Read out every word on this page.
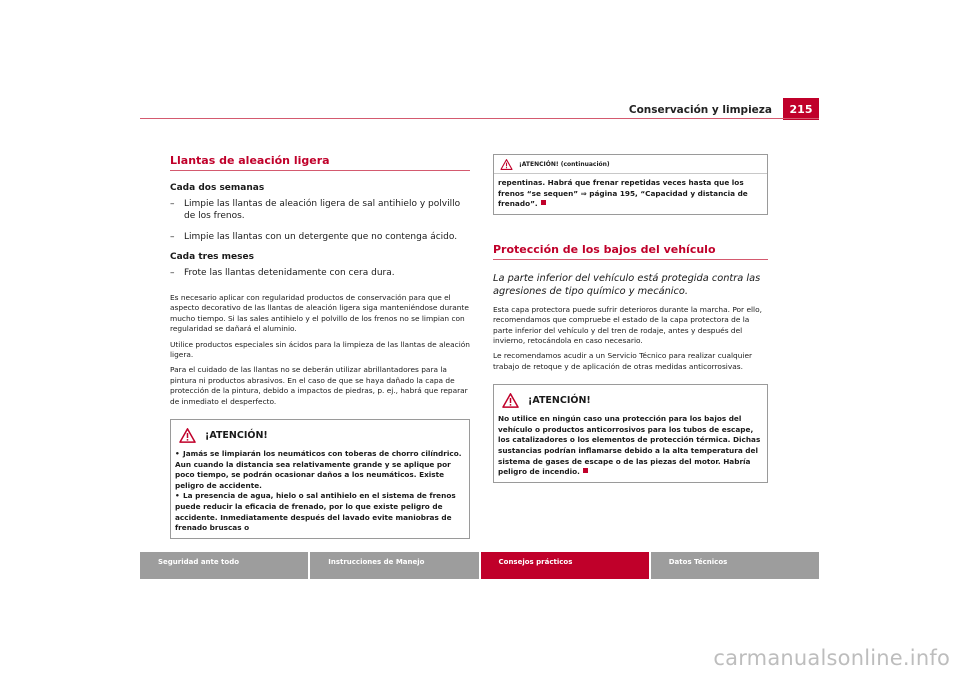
Conservación y limpieza	215
Llantas de aleación ligera
Cada dos semanas
– Limpie las llantas de aleación ligera de sal antihielo y polvillo de los frenos.
– Limpie las llantas con un detergente que no contenga ácido.
Cada tres meses
– Frote las llantas detenidamente con cera dura.

Es necesario aplicar con regularidad productos de conservación para que el aspecto decorativo de las llantas de aleación ligera siga manteniéndose durante mucho tiempo. Si las sales antihielo y el polvillo de los frenos no se limpian con regularidad se dañará el aluminio.

Utilice productos especiales sin ácidos para la limpieza de las llantas de aleación ligera.

Para el cuidado de las llantas no se deberán utilizar abrillantadores para la pintura ni productos abrasivos. En el caso de que se haya dañado la capa de protección de la pintura, debido a impactos de piedras, p. ej., habrá que reparar de inmediato el desperfecto.

¡ATENCIÓN!
• Jamás se limpiarán los neumáticos con toberas de chorro cilíndrico. Aun cuando la distancia sea relativamente grande y se aplique por poco tiempo, se podrán ocasionar daños a los neumáticos. Existe peligro de accidente.
• La presencia de agua, hielo o sal antihielo en el sistema de frenos puede reducir la eficacia de frenado, por lo que existe peligro de accidente. Inmediatamente después del lavado evite maniobras de frenado bruscas o
¡ATENCIÓN! (continuación)
repentinas. Habrá que frenar repetidas veces hasta que los frenos “se sequen” ⇒ página 195, “Capacidad y distancia de frenado”.
Protección de los bajos del vehículo

La parte inferior del vehículo está protegida contra las agresiones de tipo químico y mecánico.

Esta capa protectora puede sufrir deterioros durante la marcha. Por ello, recomendamos que compruebe el estado de la capa protectora de la parte inferior del vehículo y del tren de rodaje, antes y después del invierno, retocándola en caso necesario.

Le recomendamos acudir a un Servicio Técnico para realizar cualquier trabajo de retoque y de aplicación de otras medidas anticorrosivas.

¡ATENCIÓN!
No utilice en ningún caso una protección para los bajos del vehículo o productos anticorrosivos para los tubos de escape, los catalizadores o los elementos de protección térmica. Dichas sustancias podrían inflamarse debido a la alta temperatura del sistema de gases de escape o de las piezas del motor. Habría peligro de incendio.
Seguridad ante todo	Instrucciones de Manejo	Consejos prácticos	Datos Técnicos
carmanualsonline.info
